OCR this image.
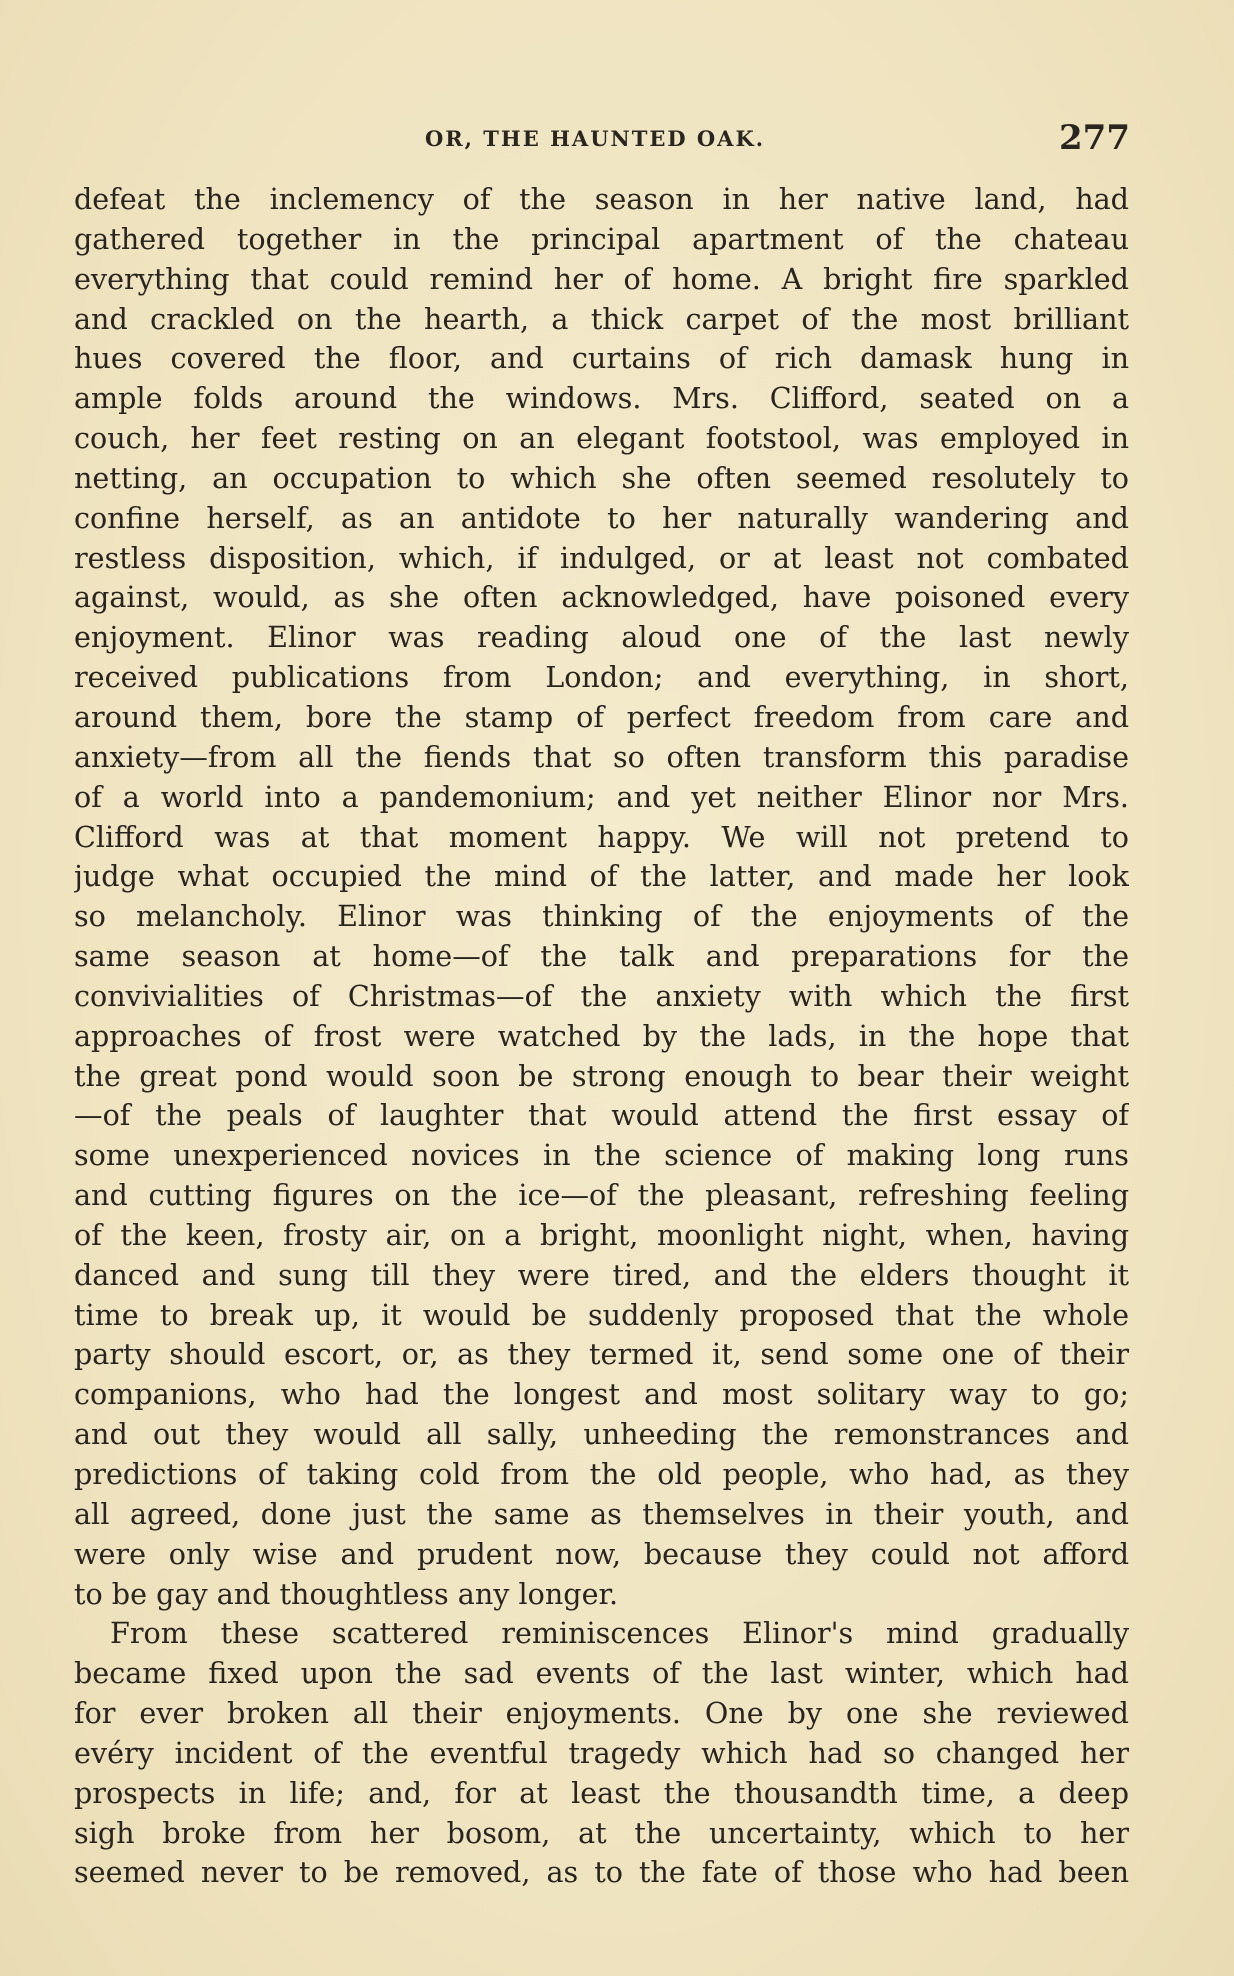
OR, THE HAUNTED OAK.	277
defeat the inclemency of the season in her native land, had
gathered together in the principal apartment of the chateau
everything that could remind her of home. A bright fire sparkled
and crackled on the hearth, a thick carpet of the most brilliant
hues covered the floor, and curtains of rich damask hung in
ample folds around the windows. Mrs. Clifford, seated on a
couch, her feet resting on an elegant footstool, was employed in
netting, an occupation to which she often seemed resolutely to
confine herself, as an antidote to her naturally wandering and
restless disposition, which, if indulged, or at least not combated
against, would, as she often acknowledged, have poisoned every
enjoyment. Elinor was reading aloud one of the last newly
received publications from London; and everything, in short,
around them, bore the stamp of perfect freedom from care and
anxiety—from all the fiends that so often transform this paradise
of a world into a pandemonium; and yet neither Elinor nor Mrs.
Clifford was at that moment happy. We will not pretend to
judge what occupied the mind of the latter, and made her look
so melancholy. Elinor was thinking of the enjoyments of the
same season at home—of the talk and preparations for the
convivialities of Christmas—of the anxiety with which the first
approaches of frost were watched by the lads, in the hope that
the great pond would soon be strong enough to bear their weight
—of the peals of laughter that would attend the first essay of
some unexperienced novices in the science of making long runs
and cutting figures on the ice—of the pleasant, refreshing feeling
of the keen, frosty air, on a bright, moonlight night, when, having
danced and sung till they were tired, and the elders thought it
time to break up, it would be suddenly proposed that the whole
party should escort, or, as they termed it, send some one of their
companions, who had the longest and most solitary way to go;
and out they would all sally, unheeding the remonstrances and
predictions of taking cold from the old people, who had, as they
all agreed, done just the same as themselves in their youth, and
were only wise and prudent now, because they could not afford
to be gay and thoughtless any longer.
From these scattered reminiscences Elinor's mind gradually
became fixed upon the sad events of the last winter, which had
for ever broken all their enjoyments. One by one she reviewed
evéry incident of the eventful tragedy which had so changed her
prospects in life; and, for at least the thousandth time, a deep
sigh broke from her bosom, at the uncertainty, which to her
seemed never to be removed, as to the fate of those who had been
